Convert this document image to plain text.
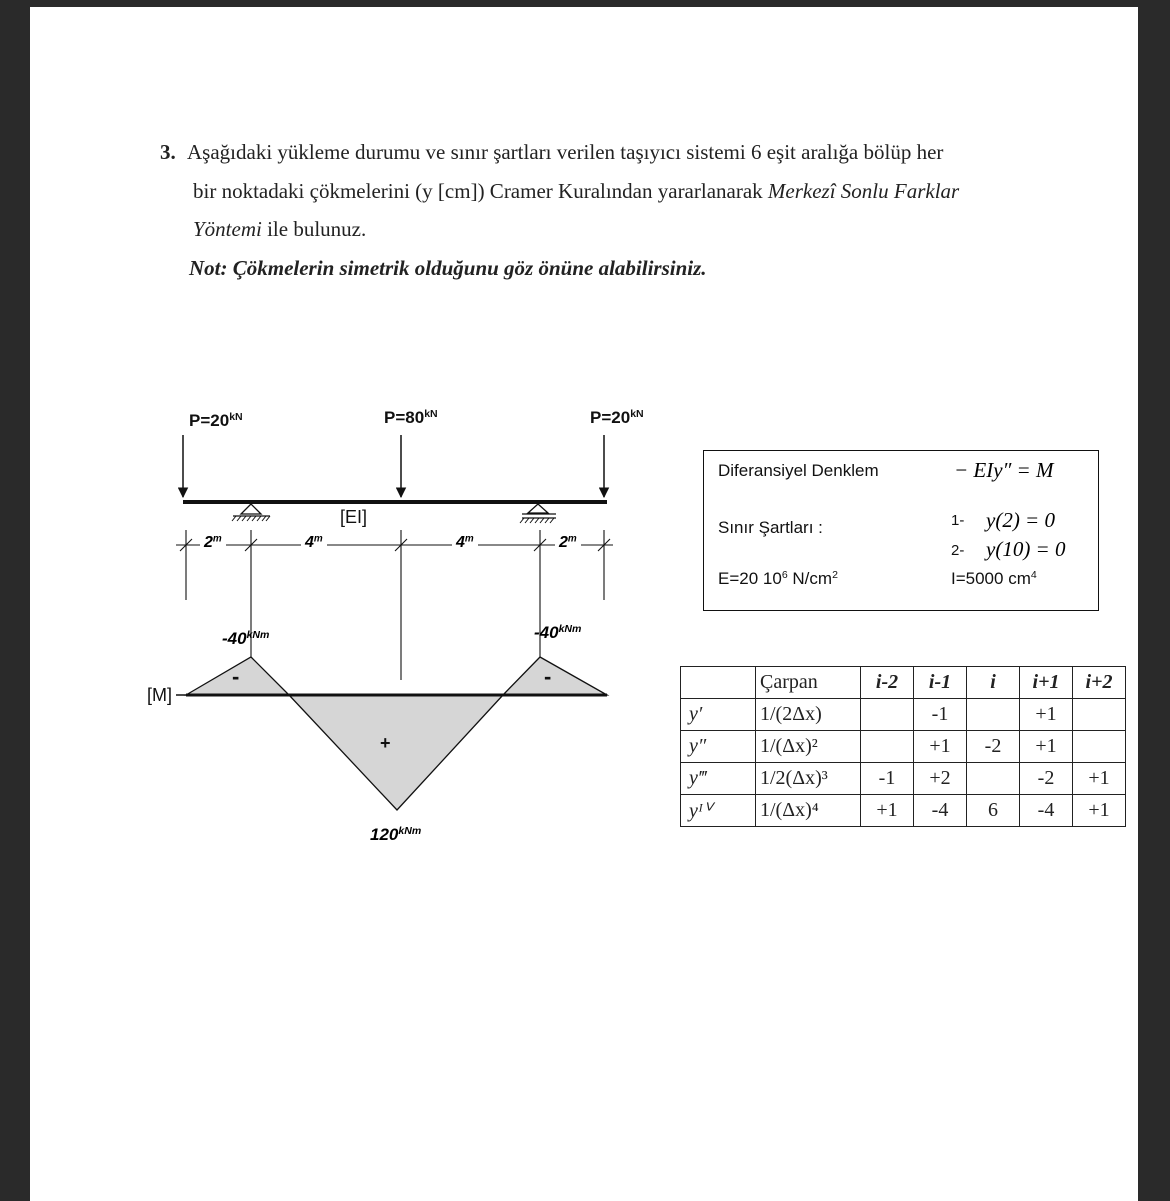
3. Aşağıdaki yükleme durumu ve sınır şartları verilen taşıyıcı sistemi 6 eşit aralığa bölüp her
bir noktadaki çökmelerini (y [cm]) Cramer Kuralından yararlanarak Merkezî Sonlu Farklar
Yöntemi ile bulunuz.
Not: Çökmelerin simetrik olduğunu göz önüne alabilirsiniz.
$P=20^{kN}$	$P=80^{kN}$	$P=20^{kN}$
[EI]
2$^m$	4$^m$	4$^m$	2$^m$
[M]
$-40^{kNm}$	$-40^{kNm}$
$120^{kNm}$
-	-
+
Diferansiyel Denklem	− EIy″ = M
Sınır Şartları :	1- y(2) = 0
2- y(10) = 0
E=20 $10^6$ $N/cm^2$	I=5000 $cm^4$
	Çarpan	i-2	i-1	i	i+1	i+2
y′	1/(2Δx)		-1		+1	
y″	1/(Δx)²		+1	-2	+1	
y‴	1/2(Δx)³	-1	+2		-2	+1
yᴵⱽ	1/(Δx)⁴	+1	-4	6	-4	+1
